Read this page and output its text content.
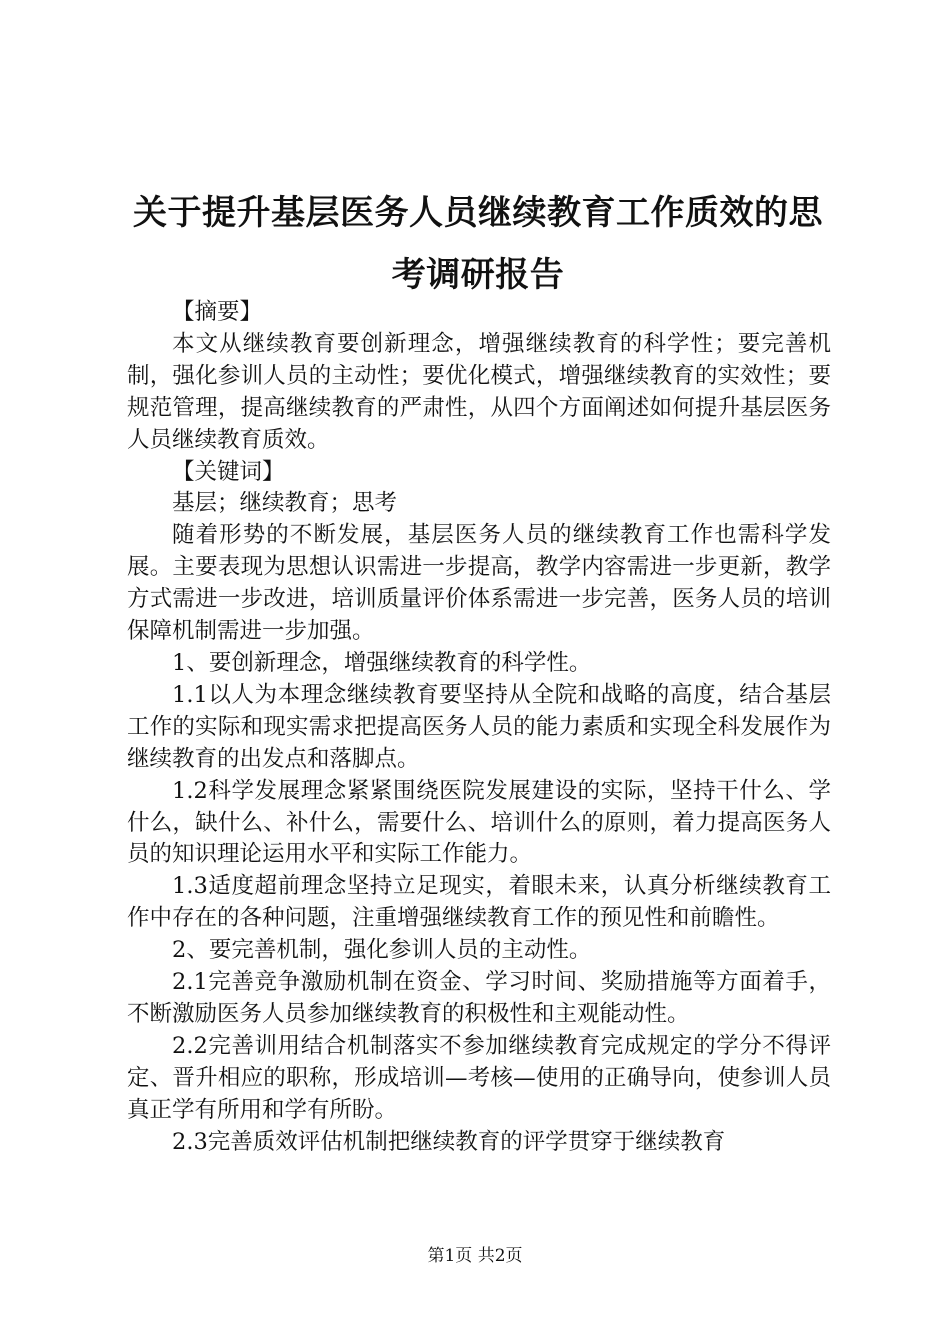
关于提升基层医务人员继续教育工作质效的思考调研报告

【摘要】

本文从继续教育要创新理念，增强继续教育的科学性；要完善机制，强化参训人员的主动性；要优化模式，增强继续教育的实效性；要规范管理，提高继续教育的严肃性，从四个方面阐述如何提升基层医务人员继续教育质效。

【关键词】

基层；继续教育；思考

随着形势的不断发展，基层医务人员的继续教育工作也需科学发展。主要表现为思想认识需进一步提高，教学内容需进一步更新，教学方式需进一步改进，培训质量评价体系需进一步完善，医务人员的培训保障机制需进一步加强。

1、要创新理念，增强继续教育的科学性。

1.1以人为本理念继续教育要坚持从全院和战略的高度，结合基层工作的实际和现实需求把提高医务人员的能力素质和实现全科发展作为继续教育的出发点和落脚点。

1.2科学发展理念紧紧围绕医院发展建设的实际，坚持干什么、学什么，缺什么、补什么，需要什么、培训什么的原则，着力提高医务人员的知识理论运用水平和实际工作能力。

1.3适度超前理念坚持立足现实，着眼未来，认真分析继续教育工作中存在的各种问题，注重增强继续教育工作的预见性和前瞻性。

2、要完善机制，强化参训人员的主动性。

2.1完善竞争激励机制在资金、学习时间、奖励措施等方面着手，不断激励医务人员参加继续教育的积极性和主观能动性。

2.2完善训用结合机制落实不参加继续教育完成规定的学分不得评定、晋升相应的职称，形成培训—考核—使用的正确导向，使参训人员真正学有所用和学有所盼。

2.3完善质效评估机制把继续教育的评学贯穿于继续教育

第1页 共2页
